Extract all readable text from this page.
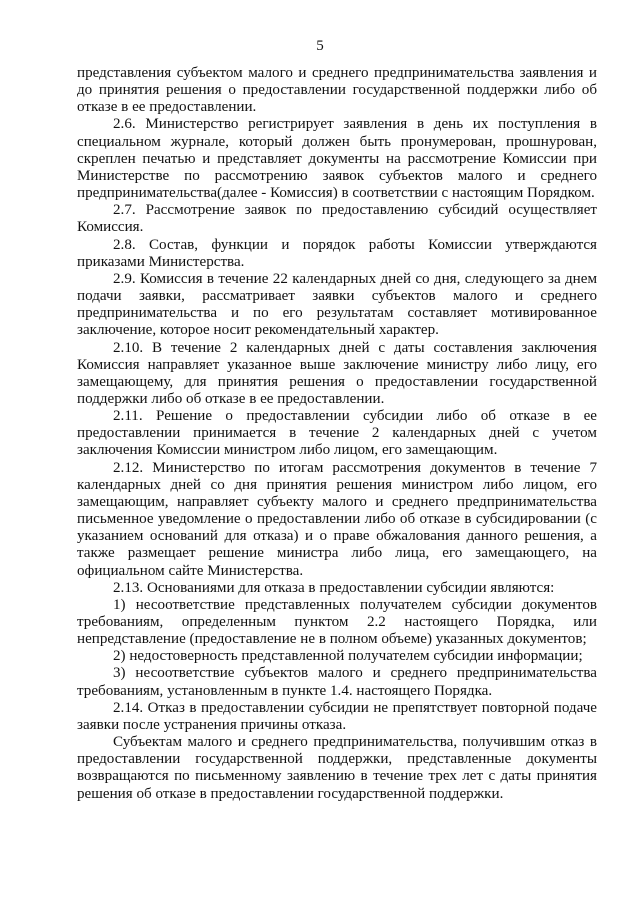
5

представления субъектом малого и среднего предпринимательства заявления и до принятия решения о предоставлении государственной поддержки либо об отказе в ее предоставлении.

2.6. Министерство регистрирует заявления в день их поступления в специальном журнале, который должен быть пронумерован, прошнурован, скреплен печатью и представляет документы на рассмотрение Комиссии при Министерстве по рассмотрению заявок субъектов малого и среднего предпринимательства(далее - Комиссия) в соответствии с настоящим Порядком.

2.7. Рассмотрение заявок по предоставлению субсидий осуществляет Комиссия.

2.8. Состав, функции и порядок работы Комиссии утверждаются приказами Министерства.

2.9. Комиссия в течение 22 календарных дней со дня, следующего за днем подачи заявки, рассматривает заявки субъектов малого и среднего предпринимательства и по его результатам составляет мотивированное заключение, которое носит рекомендательный характер.

2.10. В течение 2 календарных дней с даты составления заключения Комиссия направляет указанное выше заключение министру либо лицу, его замещающему, для принятия решения о предоставлении государственной поддержки либо об отказе в ее предоставлении.

2.11. Решение о предоставлении субсидии либо об отказе в ее предоставлении принимается в течение 2 календарных дней с учетом заключения Комиссии министром либо лицом, его замещающим.

2.12. Министерство по итогам рассмотрения документов в течение 7 календарных дней со дня принятия решения министром либо лицом, его замещающим, направляет субъекту малого и среднего предпринимательства письменное уведомление о предоставлении либо об отказе в субсидировании (с указанием оснований для отказа) и о праве обжалования данного решения, а также размещает решение министра либо лица, его замещающего, на официальном сайте Министерства.

2.13. Основаниями для отказа в предоставлении субсидии являются:

1) несоответствие представленных получателем субсидии документов требованиям, определенным пунктом 2.2 настоящего Порядка, или непредставление (предоставление не в полном объеме) указанных документов;

2) недостоверность представленной получателем субсидии информации;

3) несоответствие субъектов малого и среднего предпринимательства требованиям, установленным в пункте 1.4. настоящего Порядка.

2.14. Отказ в предоставлении субсидии не препятствует повторной подаче заявки после устранения причины отказа.

Субъектам малого и среднего предпринимательства, получившим отказ в предоставлении государственной поддержки, представленные документы возвращаются по письменному заявлению в течение трех лет с даты принятия решения об отказе в предоставлении государственной поддержки.
